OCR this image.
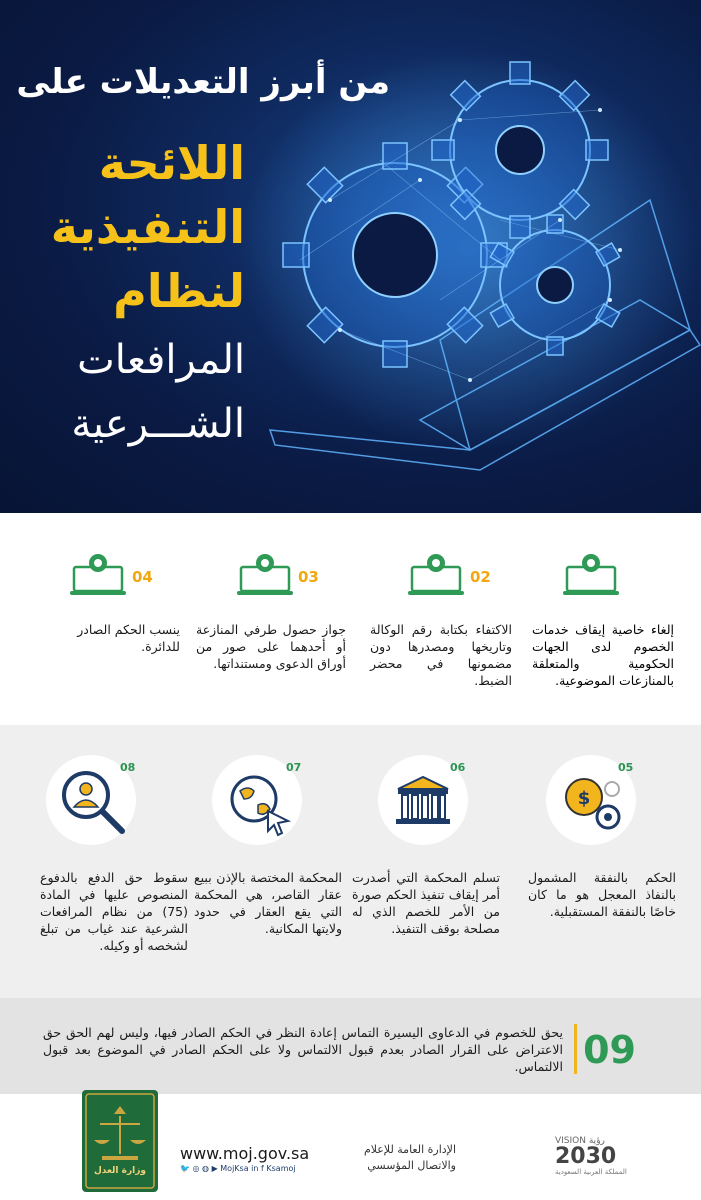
من أبرز التعديلات على
اللائحة
التنفيذية
لنظام
المرافعات
الشـــرعية
إلغاء خاصية إيقاف خدمات الخصوم لدى الجهات الحكومية والمتعلقة بالمنازعات الموضوعية.
02
الاكتفاء بكتابة رقم الوكالة وتاريخها ومصدرها دون مضمونها في محضر الضبط.
03
جواز حصول طرفي المنازعة أو أحدهما على صور من أوراق الدعوى ومستنداتها.
04
ينسب الحكم الصادر للدائرة.
$
05
الحكم بالنفقة المشمول بالنفاذ المعجل هو ما كان خاصًا بالنفقة المستقبلية.
06
تسلم المحكمة التي أصدرت أمر إيقاف تنفيذ الحكم صورة من الأمر للخصم الذي له مصلحة بوقف التنفيذ.
07
المحكمة المختصة بالإذن ببيع عقار القاصر، هي المحكمة التي يقع العقار في حدود ولايتها المكانية.
08
سقوط حق الدفع بالدفوع المنصوص عليها في المادة (75) من نظام المرافعات الشرعية عند غياب من تبلغ لشخصه أو وكيله.
09
يحق للخصوم في الدعاوى اليسيرة التماس إعادة النظر في الحكم الصادر فيها، وليس لهم الحق حق الاعتراض على القرار الصادر بعدم قبول الالتماس ولا على الحكم الصادر في الموضوع بعد قبول الالتماس.
وزارة العدل
www.moj.gov.sa
🐦 ◎ ◍ ▶ MojKsa in f Ksamoj
الإدارة العامة للإعلام والاتصال المؤسسي
VISION رؤية
2030
المملكة العربية السعودية
